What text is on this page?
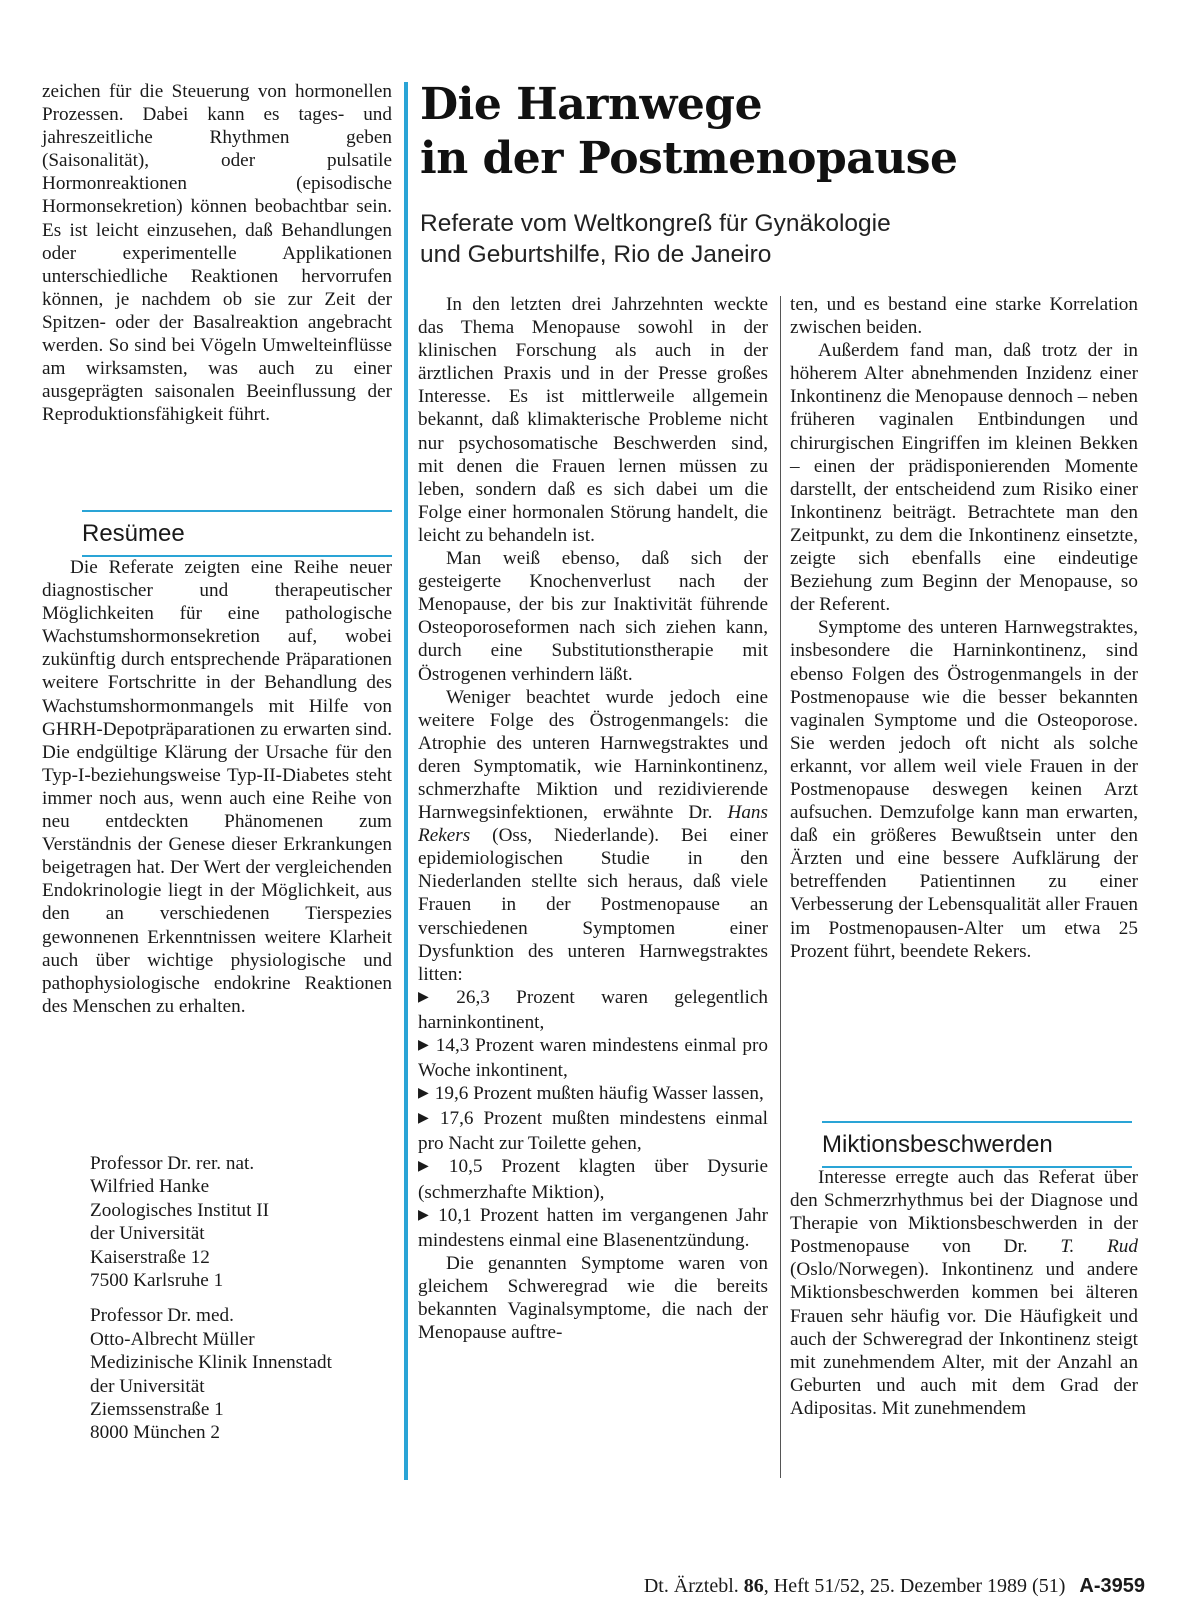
Die Harnwege
in der Postmenopause
Referate vom Weltkongreß für Gynäkologie
und Geburtshilfe, Rio de Janeiro

zeichen für die Steuerung von hormonellen Prozessen. Dabei kann es tages- und jahreszeitliche Rhythmen geben (Saisonalität), oder pulsatile Hormonreaktionen (episodische Hormonsekretion) können beobachtbar sein. Es ist leicht einzusehen, daß Behandlungen oder experimentelle Applikationen unterschiedliche Reaktionen hervorrufen können, je nachdem ob sie zur Zeit der Spitzen- oder der Basalreaktion angebracht werden. So sind bei Vögeln Umwelteinflüsse am wirksamsten, was auch zu einer ausgeprägten saisonalen Beeinflussung der Reproduktionsfähigkeit führt.

Resümee

Die Referate zeigten eine Reihe neuer diagnostischer und therapeutischer Möglichkeiten für eine pathologische Wachstumshormonsekretion auf, wobei zukünftig durch entsprechende Präparationen weitere Fortschritte in der Behandlung des Wachstumshormonmangels mit Hilfe von GHRH-Depotpräparationen zu erwarten sind. Die endgültige Klärung der Ursache für den Typ-I-beziehungsweise Typ-II-Diabetes steht immer noch aus, wenn auch eine Reihe von neu entdeckten Phänomenen zum Verständnis der Genese dieser Erkrankungen beigetragen hat. Der Wert der vergleichenden Endokrinologie liegt in der Möglichkeit, aus den an verschiedenen Tierspezies gewonnenen Erkenntnissen weitere Klarheit auch über wichtige physiologische und pathophysiologische endokrine Reaktionen des Menschen zu erhalten.

Professor Dr. rer. nat.
Wilfried Hanke
Zoologisches Institut II
der Universität
Kaiserstraße 12
7500 Karlsruhe 1
Professor Dr. med.
Otto-Albrecht Müller
Medizinische Klinik Innenstadt
der Universität
Ziemssenstraße 1
8000 München 2

In den letzten drei Jahrzehnten weckte das Thema Menopause sowohl in der klinischen Forschung als auch in der ärztlichen Praxis und in der Presse großes Interesse. Es ist mittlerweile allgemein bekannt, daß klimakterische Probleme nicht nur psychosomatische Beschwerden sind, mit denen die Frauen lernen müssen zu leben, sondern daß es sich dabei um die Folge einer hormonalen Störung handelt, die leicht zu behandeln ist.

Man weiß ebenso, daß sich der gesteigerte Knochenverlust nach der Menopause, der bis zur Inaktivität führende Osteoporoseformen nach sich ziehen kann, durch eine Substitutionstherapie mit Östrogenen verhindern läßt.

Weniger beachtet wurde jedoch eine weitere Folge des Östrogenmangels: die Atrophie des unteren Harnwegstraktes und deren Symptomatik, wie Harninkontinenz, schmerzhafte Miktion und rezidivierende Harnwegsinfektionen, erwähnte Dr. Hans Rekers (Oss, Niederlande). Bei einer epidemiologischen Studie in den Niederlanden stellte sich heraus, daß viele Frauen in der Postmenopause an verschiedenen Symptomen einer Dysfunktion des unteren Harnwegstraktes litten:

▶ 26,3 Prozent waren gelegentlich harninkontinent,

▶ 14,3 Prozent waren mindestens einmal pro Woche inkontinent,

▶ 19,6 Prozent mußten häufig Wasser lassen,

▶ 17,6 Prozent mußten mindestens einmal pro Nacht zur Toilette gehen,

▶ 10,5 Prozent klagten über Dysurie (schmerzhafte Miktion),

▶ 10,1 Prozent hatten im vergangenen Jahr mindestens einmal eine Blasenentzündung.

Die genannten Symptome waren von gleichem Schweregrad wie die bereits bekannten Vaginalsymptome, die nach der Menopause auftre-

ten, und es bestand eine starke Korrelation zwischen beiden.

Außerdem fand man, daß trotz der in höherem Alter abnehmenden Inzidenz einer Inkontinenz die Menopause dennoch – neben früheren vaginalen Entbindungen und chirurgischen Eingriffen im kleinen Bekken – einen der prädisponierenden Momente darstellt, der entscheidend zum Risiko einer Inkontinenz beiträgt. Betrachtete man den Zeitpunkt, zu dem die Inkontinenz einsetzte, zeigte sich ebenfalls eine eindeutige Beziehung zum Beginn der Menopause, so der Referent.

Symptome des unteren Harnwegstraktes, insbesondere die Harninkontinenz, sind ebenso Folgen des Östrogenmangels in der Postmenopause wie die besser bekannten vaginalen Symptome und die Osteoporose. Sie werden jedoch oft nicht als solche erkannt, vor allem weil viele Frauen in der Postmenopause deswegen keinen Arzt aufsuchen. Demzufolge kann man erwarten, daß ein größeres Bewußtsein unter den Ärzten und eine bessere Aufklärung der betreffenden Patientinnen zu einer Verbesserung der Lebensqualität aller Frauen im Postmenopausen-Alter um etwa 25 Prozent führt, beendete Rekers.

Miktionsbeschwerden

Interesse erregte auch das Referat über den Schmerzrhythmus bei der Diagnose und Therapie von Miktionsbeschwerden in der Postmenopause von Dr. T. Rud (Oslo/Norwegen). Inkontinenz und andere Miktionsbeschwerden kommen bei älteren Frauen sehr häufig vor. Die Häufigkeit und auch der Schweregrad der Inkontinenz steigt mit zunehmendem Alter, mit der Anzahl an Geburten und auch mit dem Grad der Adipositas. Mit zunehmendem

Dt. Ärztebl. 86, Heft 51/52, 25. Dezember 1989 (51) A-3959
